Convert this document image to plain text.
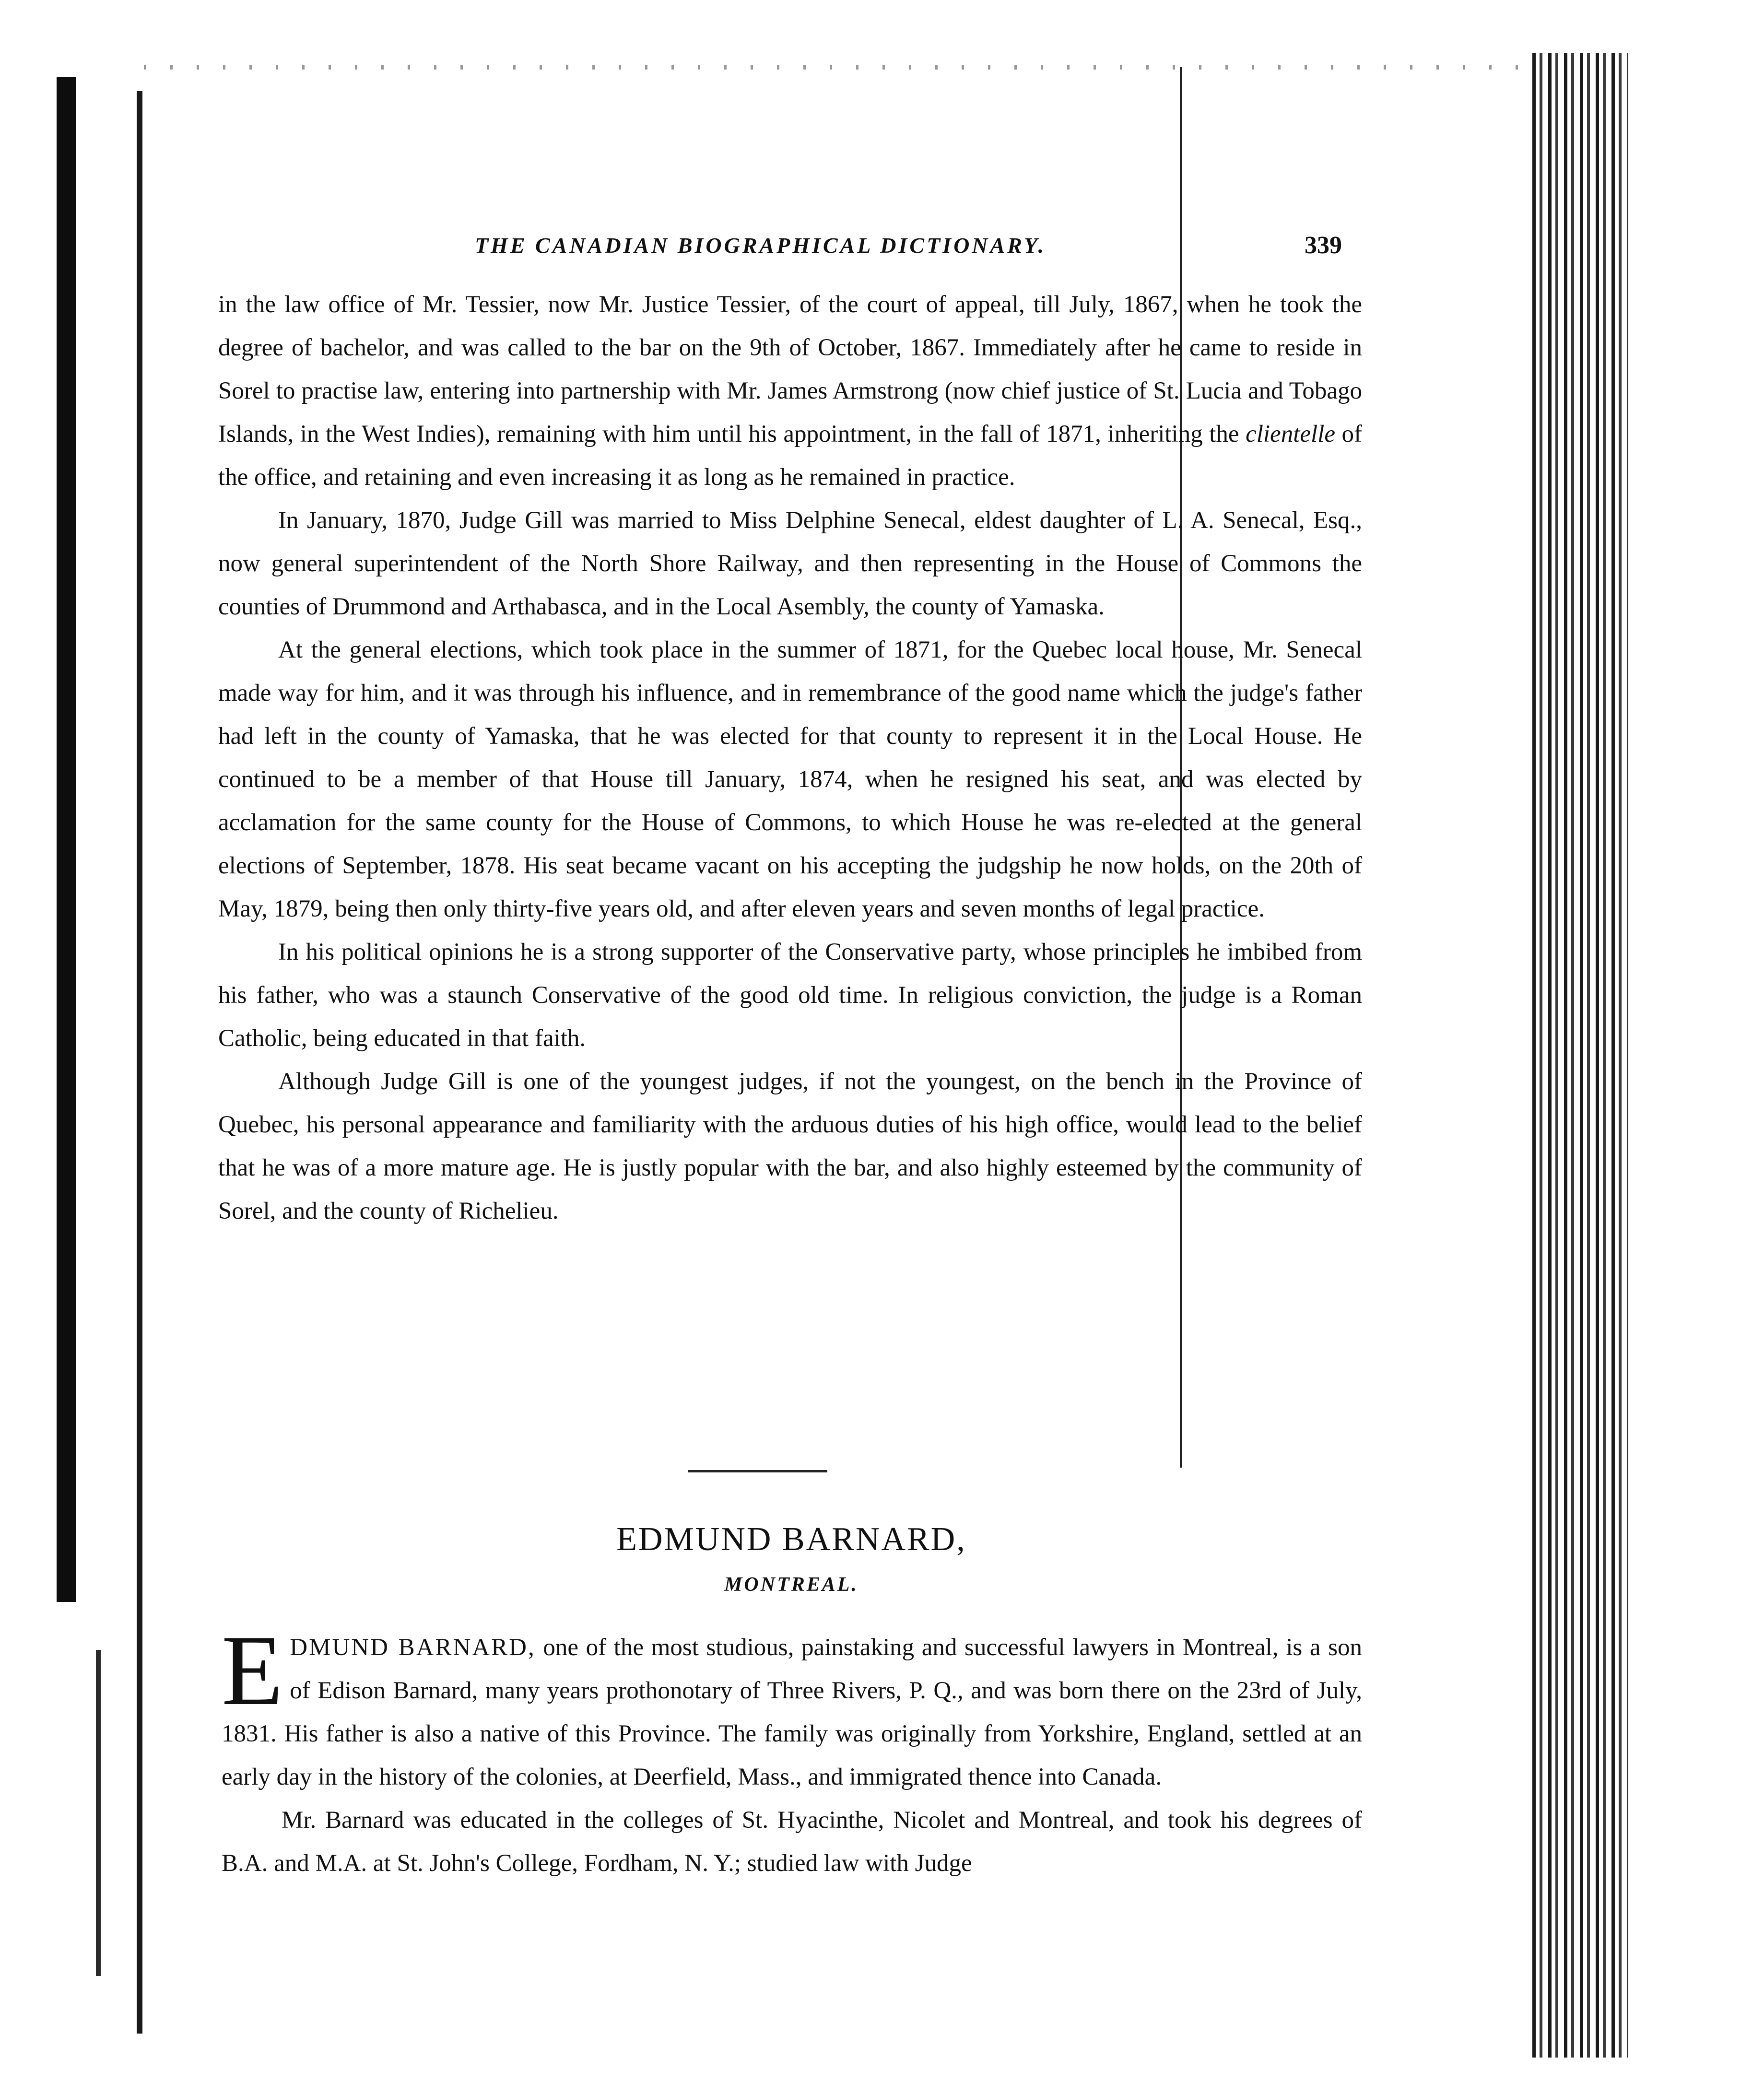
THE CANADIAN BIOGRAPHICAL DICTIONARY.	339

in the law office of Mr. Tessier, now Mr. Justice Tessier, of the court of appeal, till July, 1867, when he took the degree of bachelor, and was called to the bar on the 9th of October, 1867. Immediately after he came to reside in Sorel to practise law, entering into partnership with Mr. James Armstrong (now chief justice of St. Lucia and Tobago Islands, in the West Indies), remaining with him until his appointment, in the fall of 1871, inheriting the clientelle of the office, and retaining and even increasing it as long as he remained in practice.

In January, 1870, Judge Gill was married to Miss Delphine Senecal, eldest daughter of L. A. Senecal, Esq., now general superintendent of the North Shore Railway, and then representing in the House of Commons the counties of Drummond and Arthabasca, and in the Local Asembly, the county of Yamaska.

At the general elections, which took place in the summer of 1871, for the Quebec local house, Mr. Senecal made way for him, and it was through his influence, and in remembrance of the good name which the judge's father had left in the county of Yamaska, that he was elected for that county to represent it in the Local House. He continued to be a member of that House till January, 1874, when he resigned his seat, and was elected by acclamation for the same county for the House of Commons, to which House he was re-elected at the general elections of September, 1878. His seat became vacant on his accepting the judgship he now holds, on the 20th of May, 1879, being then only thirty-five years old, and after eleven years and seven months of legal practice.

In his political opinions he is a strong supporter of the Conservative party, whose principles he imbibed from his father, who was a staunch Conservative of the good old time. In religious conviction, the judge is a Roman Catholic, being educated in that faith.

Although Judge Gill is one of the youngest judges, if not the youngest, on the bench in the Province of Quebec, his personal appearance and familiarity with the arduous duties of his high office, would lead to the belief that he was of a more mature age. He is justly popular with the bar, and also highly esteemed by the community of Sorel, and the county of Richelieu.

EDMUND BARNARD,
MONTREAL.

EDMUND BARNARD, one of the most studious, painstaking and successful lawyers in Montreal, is a son of Edison Barnard, many years prothonotary of Three Rivers, P. Q., and was born there on the 23rd of July, 1831. His father is also a native of this Province. The family was originally from Yorkshire, England, settled at an early day in the history of the colonies, at Deerfield, Mass., and immigrated thence into Canada.

Mr. Barnard was educated in the colleges of St. Hyacinthe, Nicolet and Montreal, and took his degrees of B.A. and M.A. at St. John's College, Fordham, N. Y.; studied law with Judge
